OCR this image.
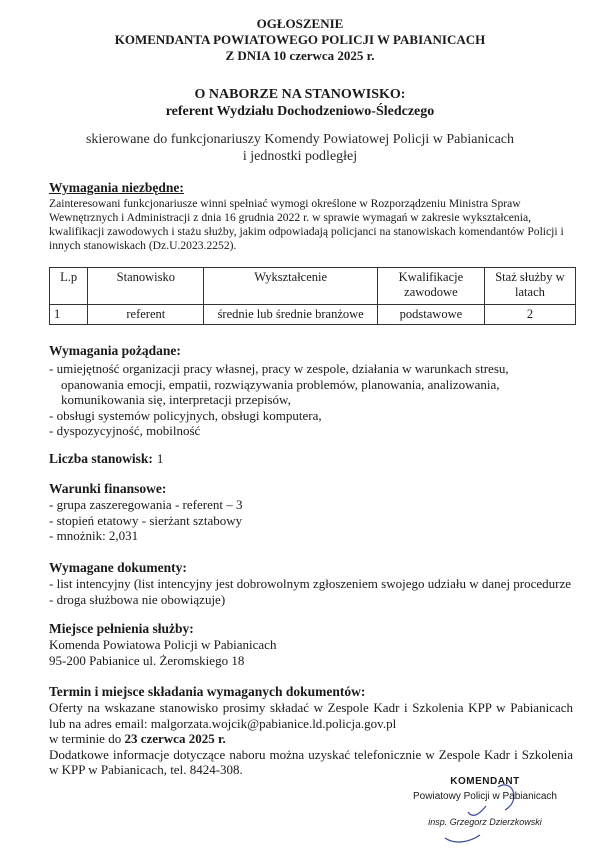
OGŁOSZENIE
KOMENDANTA POWIATOWEGO POLICJI W PABIANICACH
Z DNIA 10 czerwca 2025 r.
O NABORZE NA STANOWISKO:
referent Wydziału Dochodzeniowo-Śledczego
skierowane do funkcjonariuszy Komendy Powiatowej Policji w Pabianicach
i jednostki podległej
Wymagania niezbędne:
Zainteresowani funkcjonariusze winni spełniać wymogi określone w Rozporządzeniu Ministra Spraw Wewnętrznych i Administracji z dnia 16 grudnia 2022 r. w sprawie wymagań w zakresie wykształcenia, kwalifikacji zawodowych i stażu służby, jakim odpowiadają policjanci na stanowiskach komendantów Policji i innych stanowiskach (Dz.U.2023.2252).
L.p	Stanowisko	Wykształcenie	Kwalifikacje zawodowe	Staż służby w latach
1	referent	średnie lub średnie branżowe	podstawowe	2
Wymagania pożądane:
- umiejętność organizacji pracy własnej, pracy w zespole, działania w warunkach stresu,
opanowania emocji, empatii, rozwiązywania problemów, planowania, analizowania,
komunikowania się, interpretacji przepisów,
- obsługi systemów policyjnych, obsługi komputera,
- dyspozycyjność, mobilność
Liczba stanowisk: 1
Warunki finansowe:
- grupa zaszeregowania - referent – 3
- stopień etatowy - sierżant sztabowy
- mnożnik: 2,031
Wymagane dokumenty:
- list intencyjny (list intencyjny jest dobrowolnym zgłoszeniem swojego udziału w danej procedurze - droga służbowa nie obowiązuje)
Miejsce pełnienia służby:
Komenda Powiatowa Policji w Pabianicach
95-200 Pabianice ul. Żeromskiego 18
Termin i miejsce składania wymaganych dokumentów:
Oferty na wskazane stanowisko prosimy składać w Zespole Kadr i Szkolenia KPP w Pabianicach lub na adres email: malgorzata.wojcik@pabianice.ld.policja.gov.pl
w terminie do 23 czerwca 2025 r.
Dodatkowe informacje dotyczące naboru można uzyskać telefonicznie w Zespole Kadr i Szkolenia w KPP w Pabianicach, tel. 8424-308.
KOMENDANT
Powiatowy Policji w Pabianicach
insp. Grzegorz Dzierzkowski
